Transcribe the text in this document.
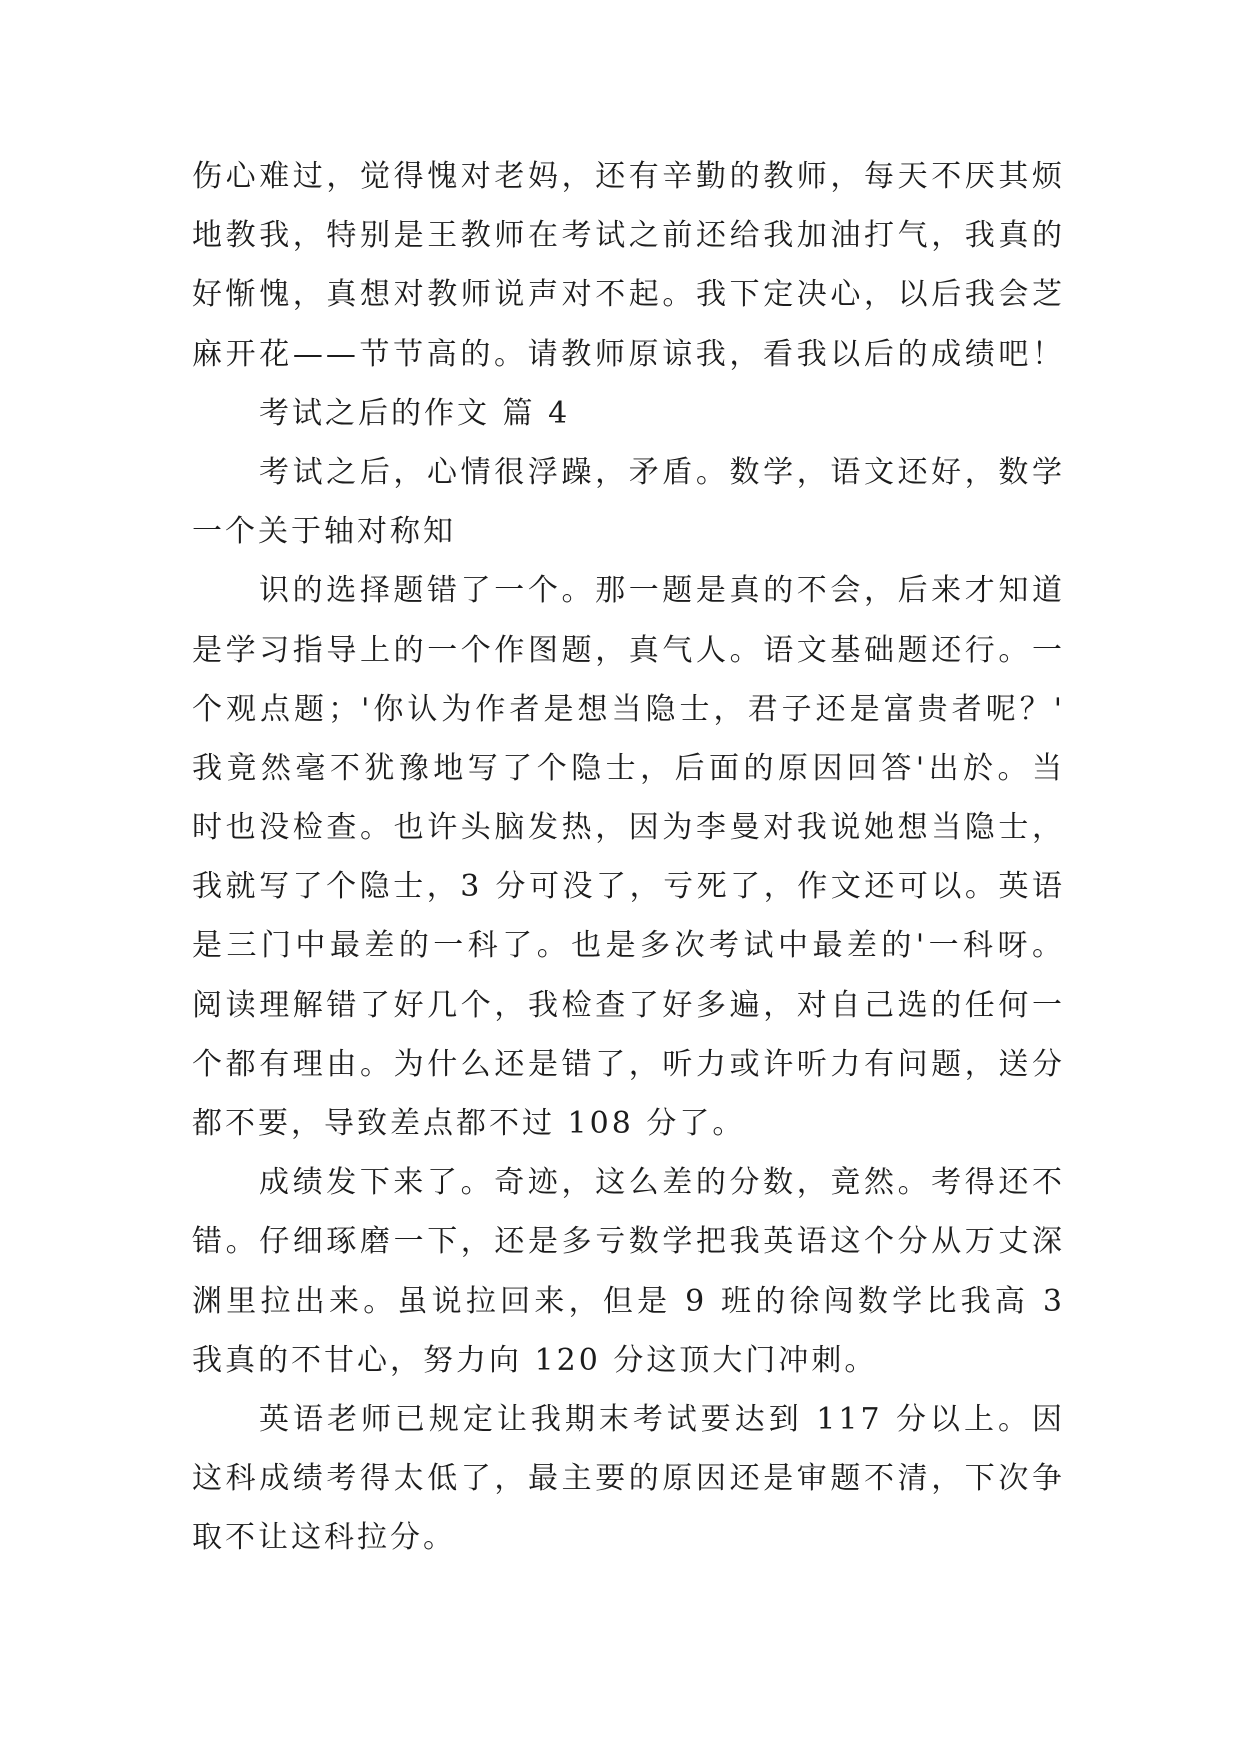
伤心难过，觉得愧对老妈，还有辛勤的教师，每天不厌其烦
地教我，特别是王教师在考试之前还给我加油打气，我真的
好惭愧，真想对教师说声对不起。我下定决心，以后我会芝
麻开花——节节高的。请教师原谅我，看我以后的成绩吧！
考试之后的作文 篇 4
考试之后，心情很浮躁，矛盾。数学，语文还好，数学
一个关于轴对称知
识的选择题错了一个。那一题是真的不会，后来才知道
是学习指导上的一个作图题，真气人。语文基础题还行。一
个观点题；'你认为作者是想当隐士，君子还是富贵者呢？'
我竟然毫不犹豫地写了个隐士，后面的原因回答'出於。当
时也没检查。也许头脑发热，因为李曼对我说她想当隐士，
我就写了个隐士，3 分可没了，亏死了，作文还可以。英语
是三门中最差的一科了。也是多次考试中最差的'一科呀。
阅读理解错了好几个，我检查了好多遍，对自己选的任何一
个都有理由。为什么还是错了，听力或许听力有问题，送分
都不要，导致差点都不过 108 分了。
成绩发下来了。奇迹，这么差的分数，竟然。考得还不
错。仔细琢磨一下，还是多亏数学把我英语这个分从万丈深
渊里拉出来。虽说拉回来，但是 9 班的徐闯数学比我高 3
我真的不甘心，努力向 120 分这顶大门冲刺。
英语老师已规定让我期末考试要达到 117 分以上。因
这科成绩考得太低了，最主要的原因还是审题不清，下次争
取不让这科拉分。
